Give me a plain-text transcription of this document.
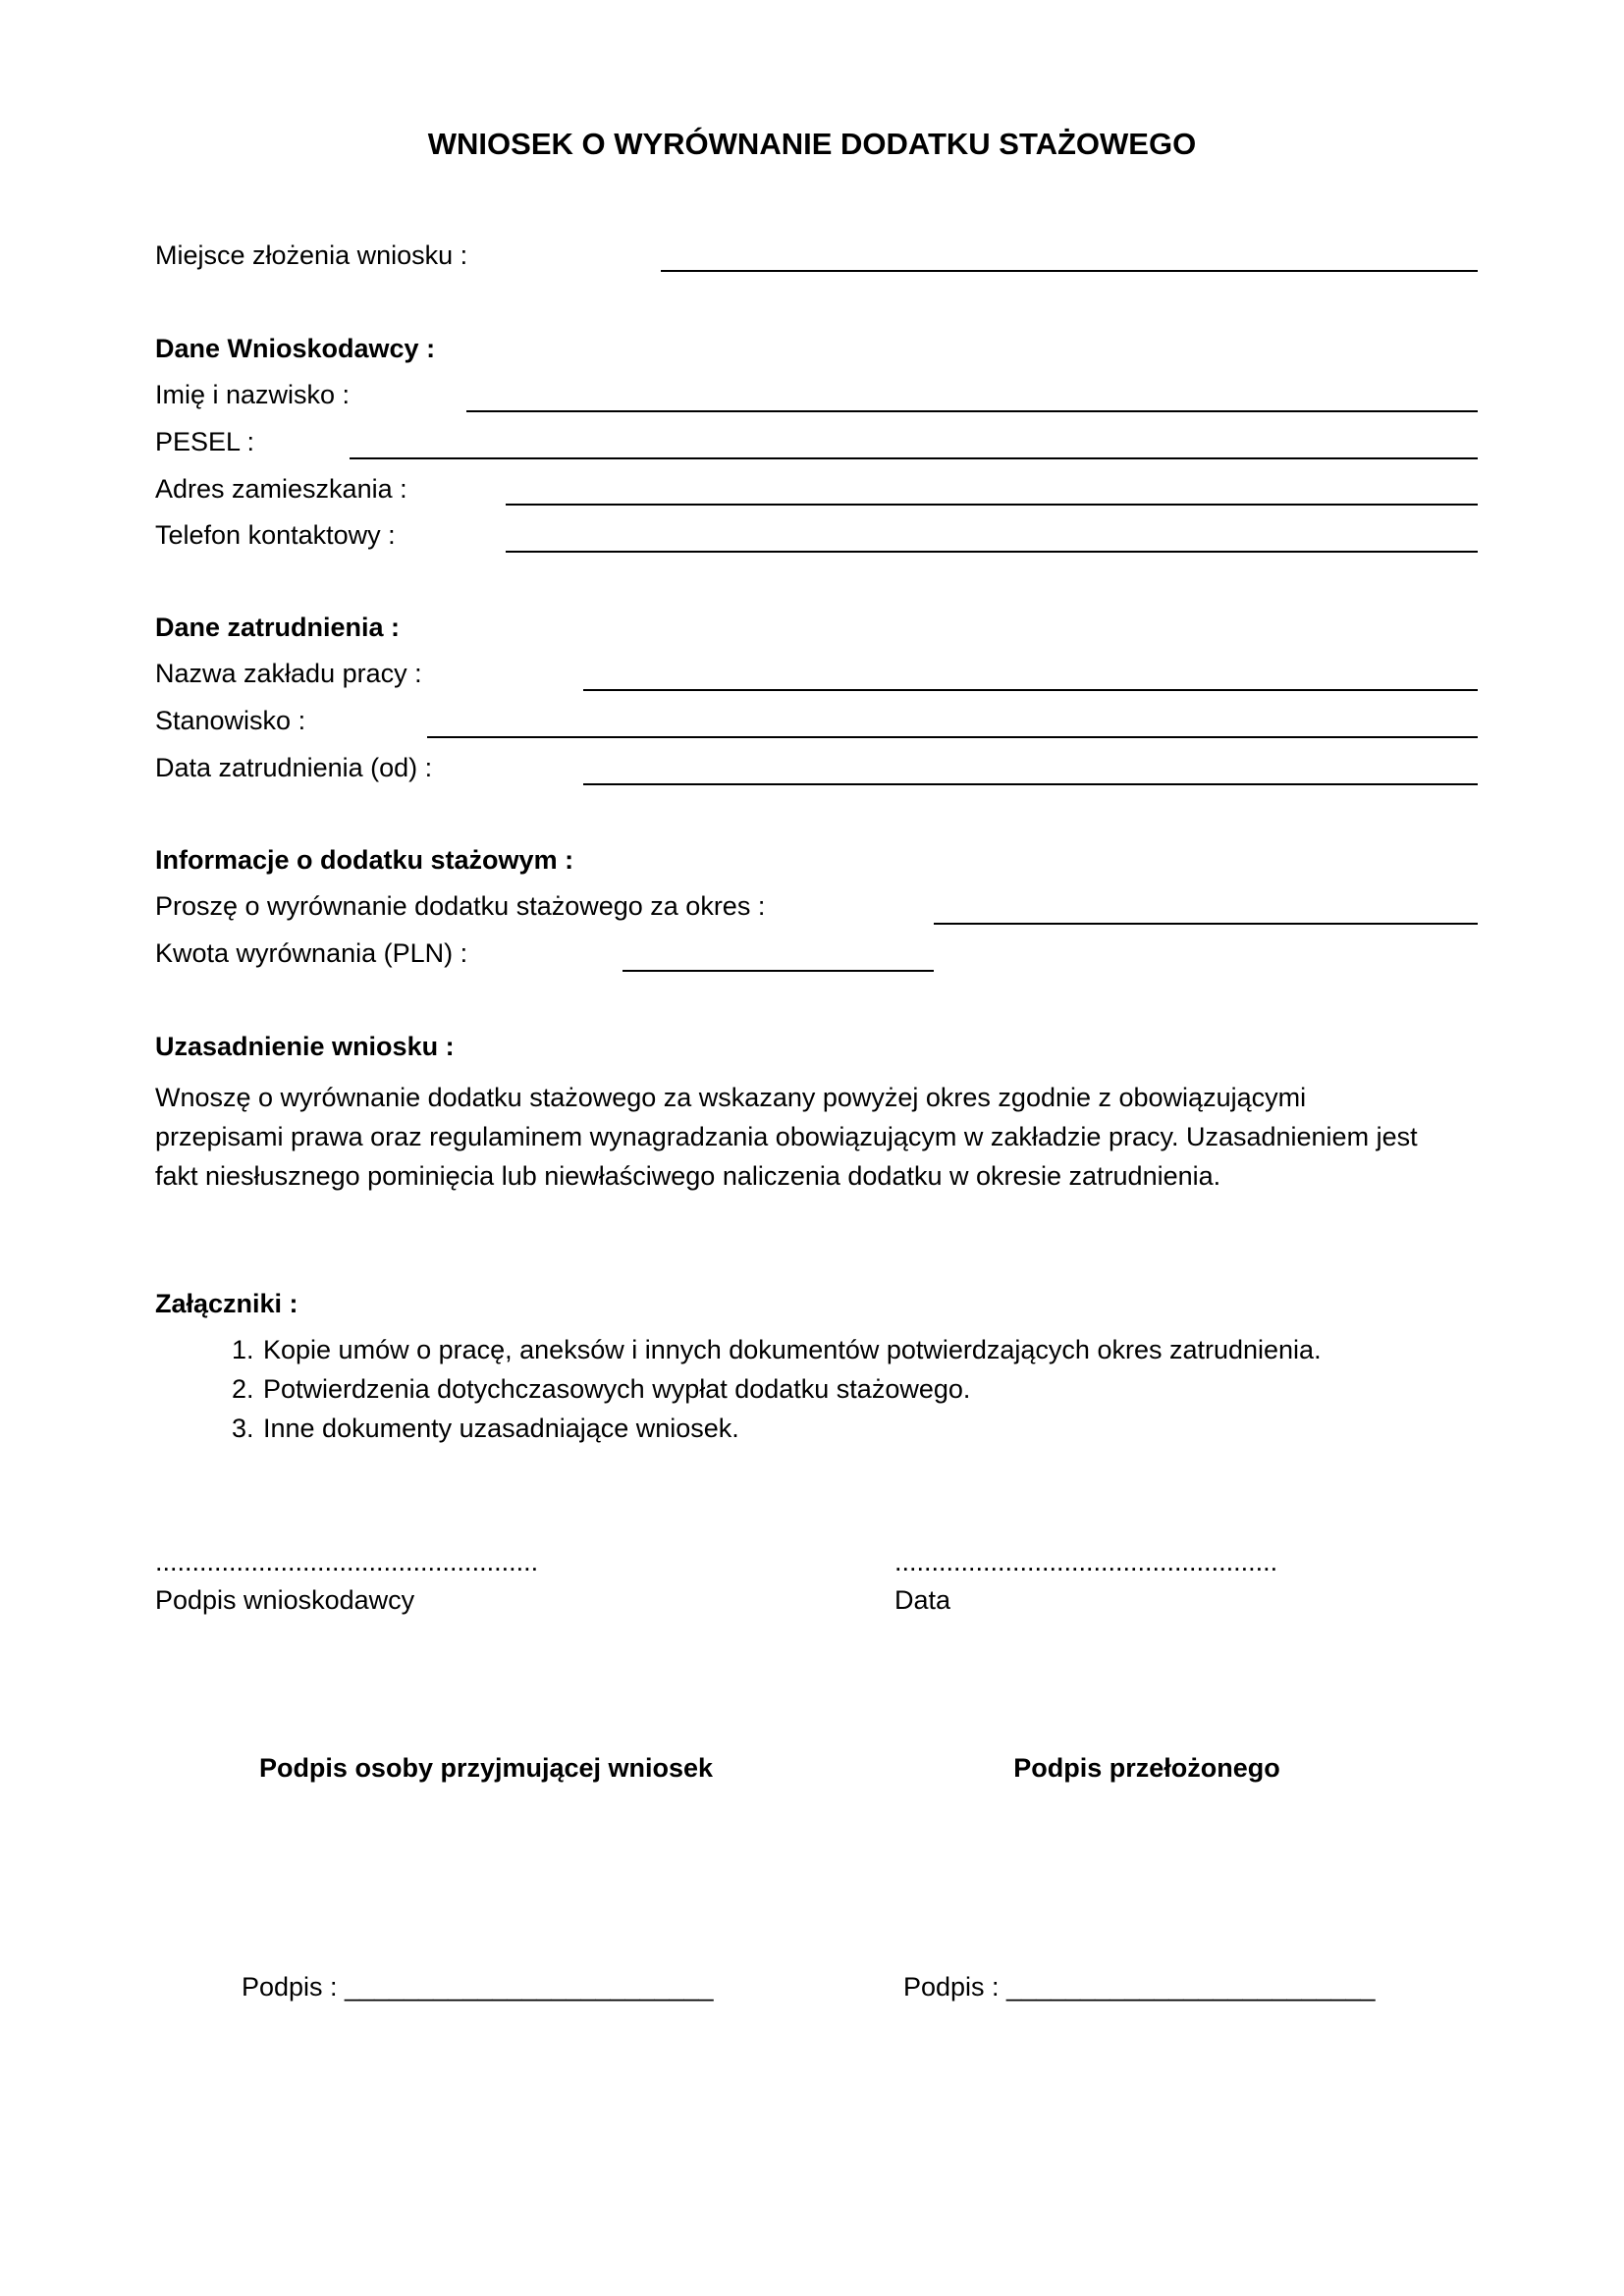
WNIOSEK O WYRÓWNANIE DODATKU STAŻOWEGO
Miejsce złożenia wniosku :
Dane Wnioskodawcy :
Imię i nazwisko :
PESEL :
Adres zamieszkania :
Telefon kontaktowy :
Dane zatrudnienia :
Nazwa zakładu pracy :
Stanowisko :
Data zatrudnienia (od) :
Informacje o dodatku stażowym :
Proszę o wyrównanie dodatku stażowego za okres :
Kwota wyrównania (PLN) :
Uzasadnienie wniosku :
Wnoszę o wyrównanie dodatku stażowego za wskazany powyżej okres zgodnie z obowiązującymi
przepisami prawa oraz regulaminem wynagradzania obowiązującym w zakładzie pracy. Uzasadnieniem jest
fakt niesłusznego pominięcia lub niewłaściwego naliczenia dodatku w okresie zatrudnienia.
Załączniki :
1. Kopie umów o pracę, aneksów i innych dokumentów potwierdzających okres zatrudnienia.
2. Potwierdzenia dotychczasowych wypłat dodatku stażowego.
3. Inne dokumenty uzasadniające wniosek.
....................................................	....................................................
Podpis wnioskodawcy	Data
Podpis osoby przyjmującej wniosek	Podpis przełożonego
Podpis : _________________________	Podpis : _________________________
